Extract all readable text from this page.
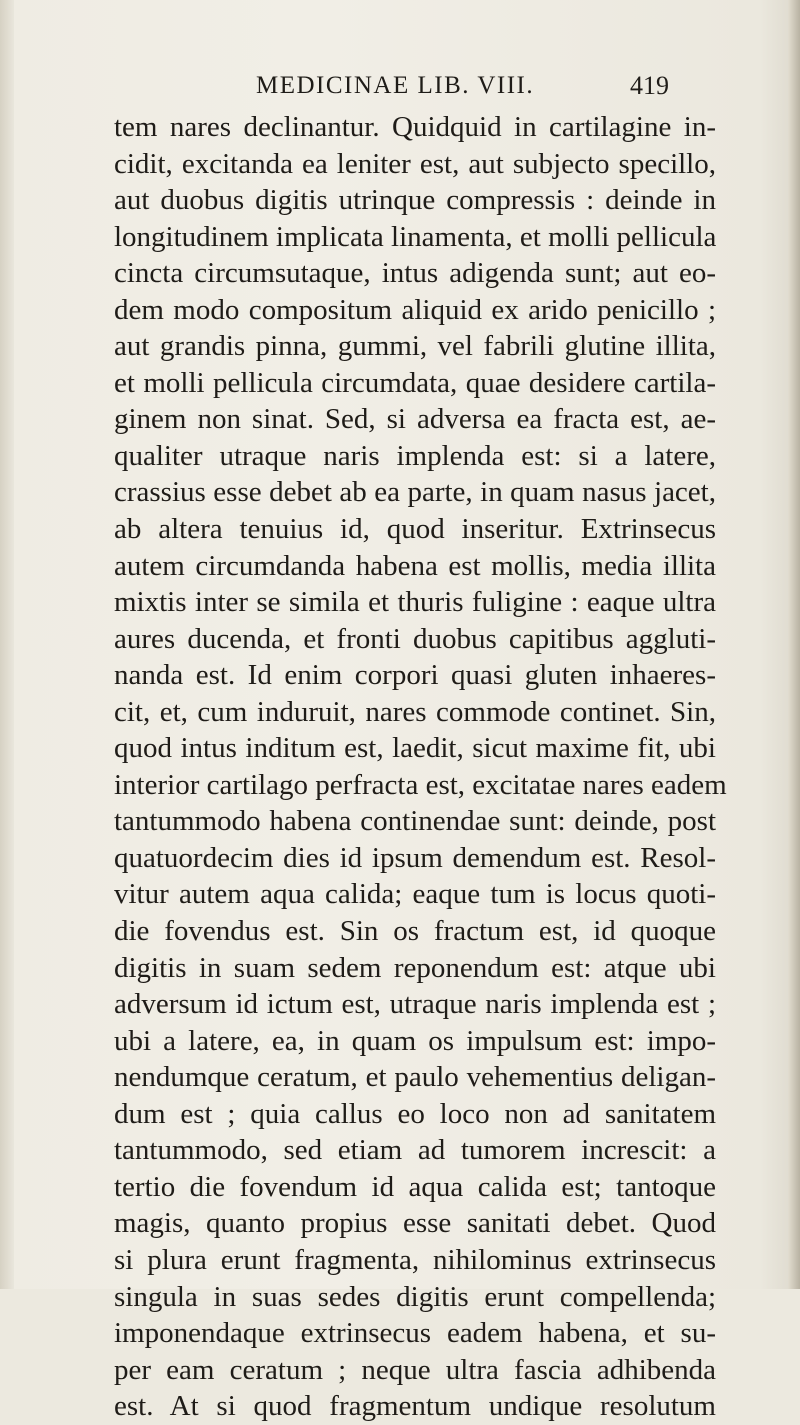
MEDICINAE LIB. VIII.	419
tem nares declinantur. Quidquid in cartilagine in-
cidit, excitanda ea leniter est, aut subjecto specillo,
aut duobus digitis utrinque compressis : deinde in
longitudinem implicata linamenta, et molli pellicula
cincta circumsutaque, intus adigenda sunt; aut eo-
dem modo compositum aliquid ex arido penicillo ;
aut grandis pinna, gummi, vel fabrili glutine illita,
et molli pellicula circumdata, quae desidere cartila-
ginem non sinat. Sed, si adversa ea fracta est, ae-
qualiter utraque naris implenda est: si a latere,
crassius esse debet ab ea parte, in quam nasus jacet,
ab altera tenuius id, quod inseritur. Extrinsecus
autem circumdanda habena est mollis, media illita
mixtis inter se simila et thuris fuligine : eaque ultra
aures ducenda, et fronti duobus capitibus aggluti-
nanda est. Id enim corpori quasi gluten inhaeres-
cit, et, cum induruit, nares commode continet. Sin,
quod intus inditum est, laedit, sicut maxime fit, ubi
interior cartilago perfracta est, excitatae nares eadem
tantummodo habena continendae sunt: deinde, post
quatuordecim dies id ipsum demendum est. Resol-
vitur autem aqua calida; eaque tum is locus quoti-
die fovendus est. Sin os fractum est, id quoque
digitis in suam sedem reponendum est: atque ubi
adversum id ictum est, utraque naris implenda est ;
ubi a latere, ea, in quam os impulsum est: impo-
nendumque ceratum, et paulo vehementius deligan-
dum est ; quia callus eo loco non ad sanitatem
tantummodo, sed etiam ad tumorem increscit: a
tertio die fovendum id aqua calida est; tantoque
magis, quanto propius esse sanitati debet. Quod
si plura erunt fragmenta, nihilominus extrinsecus
singula in suas sedes digitis erunt compellenda;
imponendaque extrinsecus eadem habena, et su-
per eam ceratum ; neque ultra fascia adhibenda
est. At si quod fragmentum undique resolutum
